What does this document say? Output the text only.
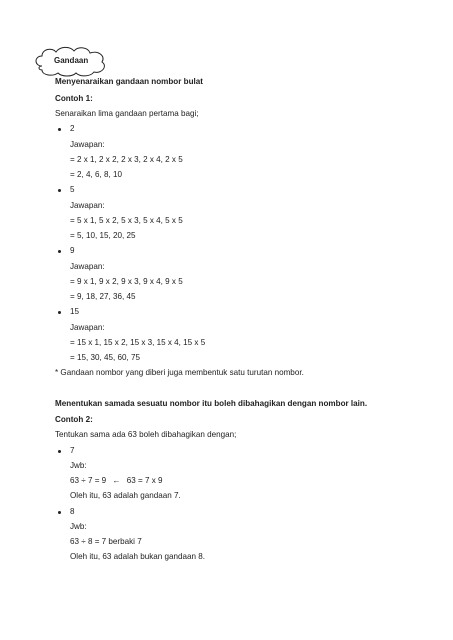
Gandaan
Menyenaraikan gandaan nombor bulat
Contoh 1:
Senaraikan lima gandaan pertama bagi;
2
Jawapan:
= 2 x 1, 2 x 2, 2 x 3, 2 x 4, 2 x 5
= 2, 4, 6, 8, 10
5
Jawapan:
= 5 x 1, 5 x 2, 5 x 3, 5 x 4, 5 x 5
= 5, 10, 15, 20, 25
9
Jawapan:
= 9 x 1, 9 x 2, 9 x 3, 9 x 4, 9 x 5
= 9, 18, 27, 36, 45
15
Jawapan:
= 15 x 1, 15 x 2, 15 x 3, 15 x 4, 15 x 5
= 15, 30, 45, 60, 75
* Gandaan nombor yang diberi juga membentuk satu turutan nombor.
Menentukan samada sesuatu nombor itu boleh dibahagikan dengan nombor lain.
Contoh 2:
Tentukan sama ada 63 boleh dibahagikan dengan;
7
Jwb:
63 ÷ 7 = 9 ← 63 = 7 x 9
Oleh itu, 63 adalah gandaan 7.
8
Jwb:
63 ÷ 8 = 7 berbaki 7
Oleh itu, 63 adalah bukan gandaan 8.
